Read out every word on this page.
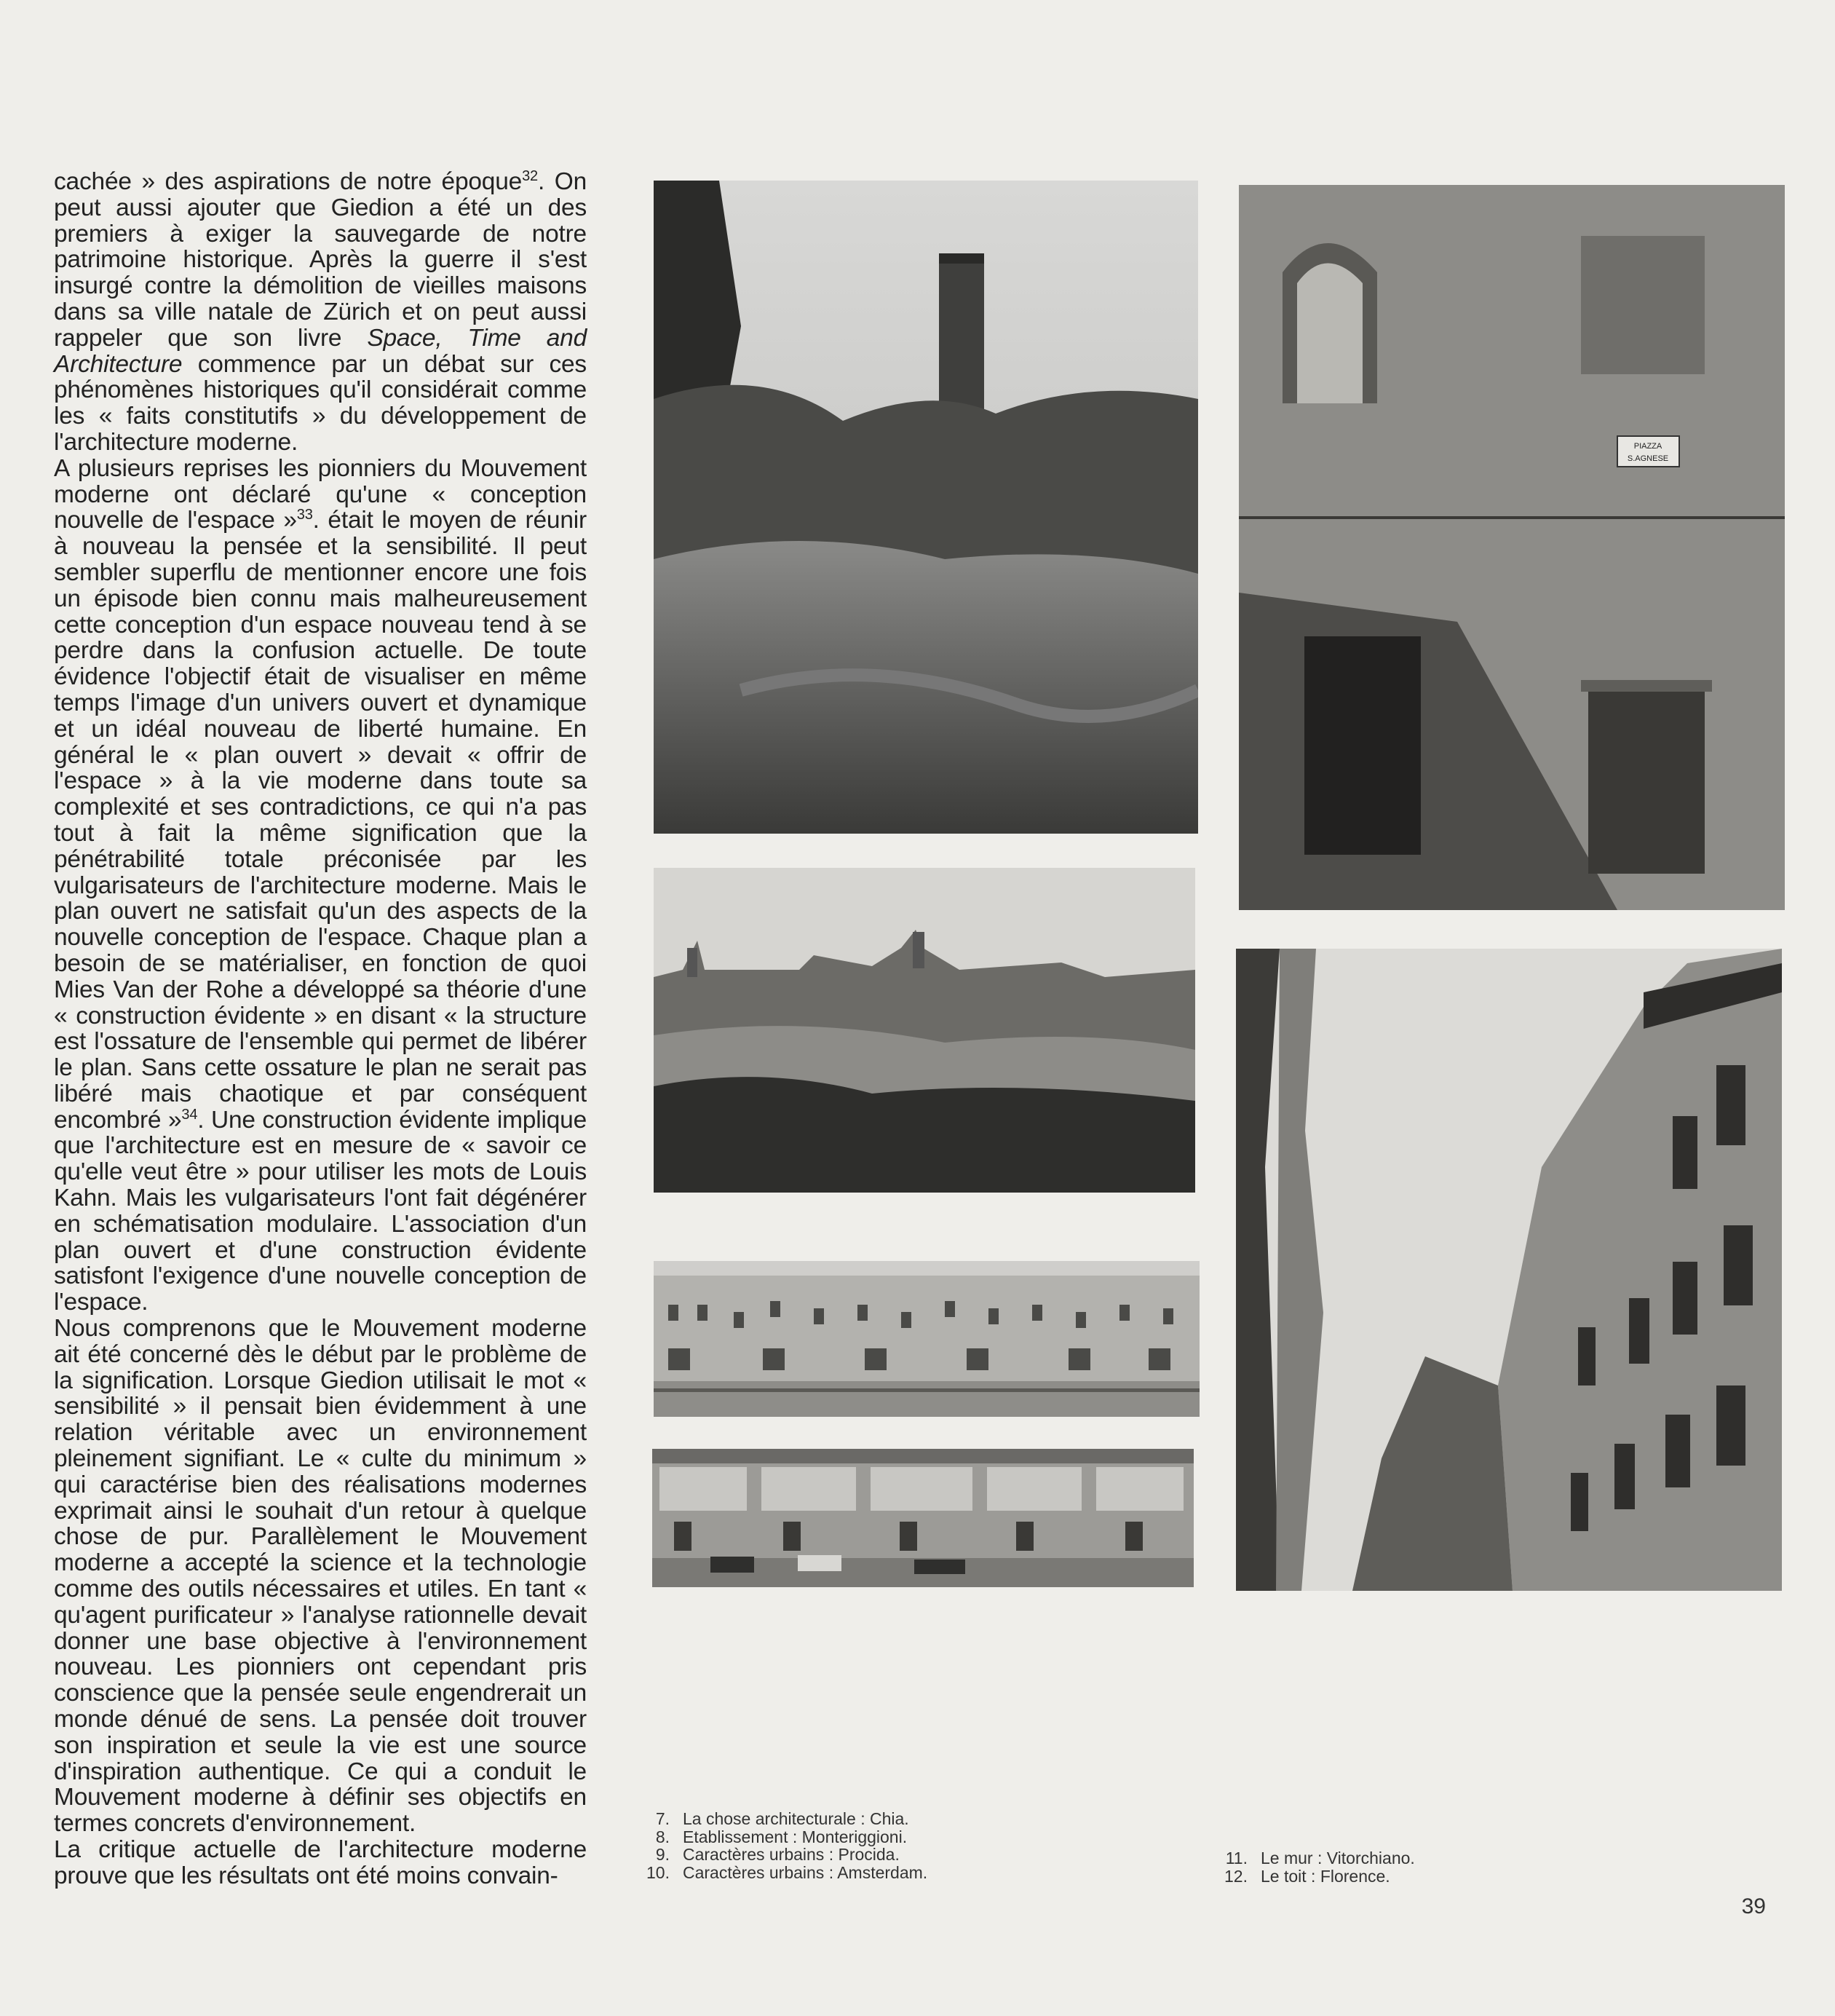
cachée » des aspirations de notre époque$^{32}$. On peut aussi ajouter que Giedion a été un des premiers à exiger la sauvegarde de notre patrimoine historique. Après la guerre il s'est insurgé contre la démolition de vieilles maisons dans sa ville natale de Zürich et on peut aussi rappeler que son livre Space, Time and Architecture commence par un débat sur ces phénomènes historiques qu'il considérait comme les « faits constitutifs » du développement de l'architecture moderne.

A plusieurs reprises les pionniers du Mouvement moderne ont déclaré qu'une « conception nouvelle de l'espace »$^{33}$. était le moyen de réunir à nouveau la pensée et la sensibilité. Il peut sembler superflu de mentionner encore une fois un épisode bien connu mais malheureusement cette conception d'un espace nouveau tend à se perdre dans la confusion actuelle. De toute évidence l'objectif était de visualiser en même temps l'image d'un univers ouvert et dynamique et un idéal nouveau de liberté humaine. En général le « plan ouvert » devait « offrir de l'espace » à la vie moderne dans toute sa complexité et ses contradictions, ce qui n'a pas tout à fait la même signification que la pénétrabilité totale préconisée par les vulgarisateurs de l'architecture moderne. Mais le plan ouvert ne satisfait qu'un des aspects de la nouvelle conception de l'espace. Chaque plan a besoin de se matérialiser, en fonction de quoi Mies Van der Rohe a développé sa théorie d'une « construction évidente » en disant « la structure est l'ossature de l'ensemble qui permet de libérer le plan. Sans cette ossature le plan ne serait pas libéré mais chaotique et par conséquent encombré »$^{34}$. Une construction évidente implique que l'architecture est en mesure de « savoir ce qu'elle veut être » pour utiliser les mots de Louis Kahn. Mais les vulgarisateurs l'ont fait dégénérer en schématisation modulaire. L'association d'un plan ouvert et d'une construction évidente satisfont l'exigence d'une nouvelle conception de l'espace.

Nous comprenons que le Mouvement moderne ait été concerné dès le début par le problème de la signification. Lorsque Giedion utilisait le mot « sensibilité » il pensait bien évidemment à une relation véritable avec un environnement pleinement signifiant. Le « culte du minimum » qui caractérise bien des réalisations modernes exprimait ainsi le souhait d'un retour à quelque chose de pur. Parallèlement le Mouvement moderne a accepté la science et la technologie comme des outils nécessaires et utiles. En tant « qu'agent purificateur » l'analyse rationnelle devait donner une base objective à l'environnement nouveau. Les pionniers ont cependant pris conscience que la pensée seule engendrerait un monde dénué de sens. La pensée doit trouver son inspiration et seule la vie est une source d'inspiration authentique. Ce qui a conduit le Mouvement moderne à définir ses objectifs en termes concrets d'environnement.

La critique actuelle de l'architecture moderne prouve que les résultats ont été moins convain-

PIAZZA
S.AGNESE
7. La chose architecturale : Chia.
8. Etablissement : Monteriggioni.
9. Caractères urbains : Procida.
10. Caractères urbains : Amsterdam.
11. Le mur : Vitorchiano.
12. Le toit : Florence.
39
